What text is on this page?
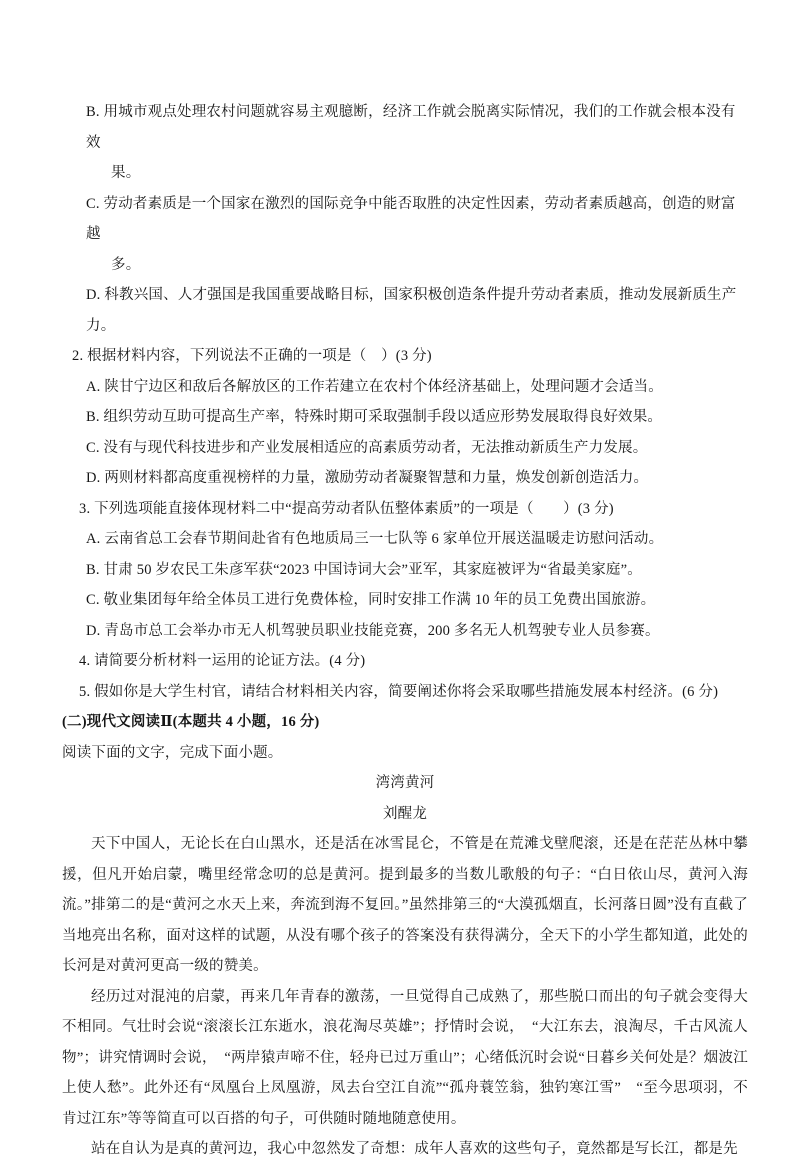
B. 用城市观点处理农村问题就容易主观臆断，经济工作就会脱离实际情况，我们的工作就会根本没有效
果。
C. 劳动者素质是一个国家在激烈的国际竞争中能否取胜的决定性因素，劳动者素质越高，创造的财富越
多。
D. 科教兴国、人才强国是我国重要战略目标，国家积极创造条件提升劳动者素质，推动发展新质生产力。
2. 根据材料内容，下列说法不正确的一项是（　）(3 分)
A. 陕甘宁边区和敌后各解放区的工作若建立在农村个体经济基础上，处理问题才会适当。
B. 组织劳动互助可提高生产率，特殊时期可采取强制手段以适应形势发展取得良好效果。
C. 没有与现代科技进步和产业发展相适应的高素质劳动者，无法推动新质生产力发展。
D. 两则材料都高度重视榜样的力量，激励劳动者凝聚智慧和力量，焕发创新创造活力。
3. 下列选项能直接体现材料二中“提高劳动者队伍整体素质”的一项是（　　）(3 分)
A. 云南省总工会春节期间赴省有色地质局三一七队等 6 家单位开展送温暖走访慰问活动。
B. 甘肃 50 岁农民工朱彦军获“2023 中国诗词大会”亚军，其家庭被评为“省最美家庭”。
C. 敬业集团每年给全体员工进行免费体检，同时安排工作满 10 年的员工免费出国旅游。
D. 青岛市总工会举办市无人机驾驶员职业技能竞赛，200 多名无人机驾驶专业人员参赛。
4. 请简要分析材料一运用的论证方法。(4 分)
5. 假如你是大学生村官，请结合材料相关内容，简要阐述你将会采取哪些措施发展本村经济。(6 分)
(二)现代文阅读Ⅱ(本题共 4 小题，16 分)
阅读下面的文字，完成下面小题。
湾湾黄河
刘醒龙
天下中国人，无论长在白山黑水，还是活在冰雪昆仑，不管是在荒滩戈壁爬滚，还是在茫茫丛林中攀援，但凡开始启蒙，嘴里经常念叨的总是黄河。提到最多的当数儿歌般的句子：“白日依山尽，黄河入海流。”排第二的是“黄河之水天上来，奔流到海不复回。”虽然排第三的“大漠孤烟直，长河落日圆”没有直截了当地亮出名称，面对这样的试题，从没有哪个孩子的答案没有获得满分，全天下的小学生都知道，此处的长河是对黄河更高一级的赞美。
经历过对混沌的启蒙，再来几年青春的激荡，一旦觉得自己成熟了，那些脱口而出的句子就会变得大不相同。气壮时会说“滚滚长江东逝水，浪花淘尽英雄”；抒情时会说，　“大江东去，浪淘尽，千古风流人物”；讲究情调时会说，　“两岸猿声啼不住，轻舟已过万重山”；心绪低沉时会说“日暮乡关何处是？烟波江上使人愁”。此外还有“凤凰台上凤凰游，凤去台空江自流”“孤舟蓑笠翁，独钓寒江雪”　“至今思项羽，不肯过江东”等等简直可以百搭的句子，可供随时随地随意使用。
站在自认为是真的黄河边，我心中忽然发了奇想：成年人喜欢的这些句子，竟然都是写长江，都是先
